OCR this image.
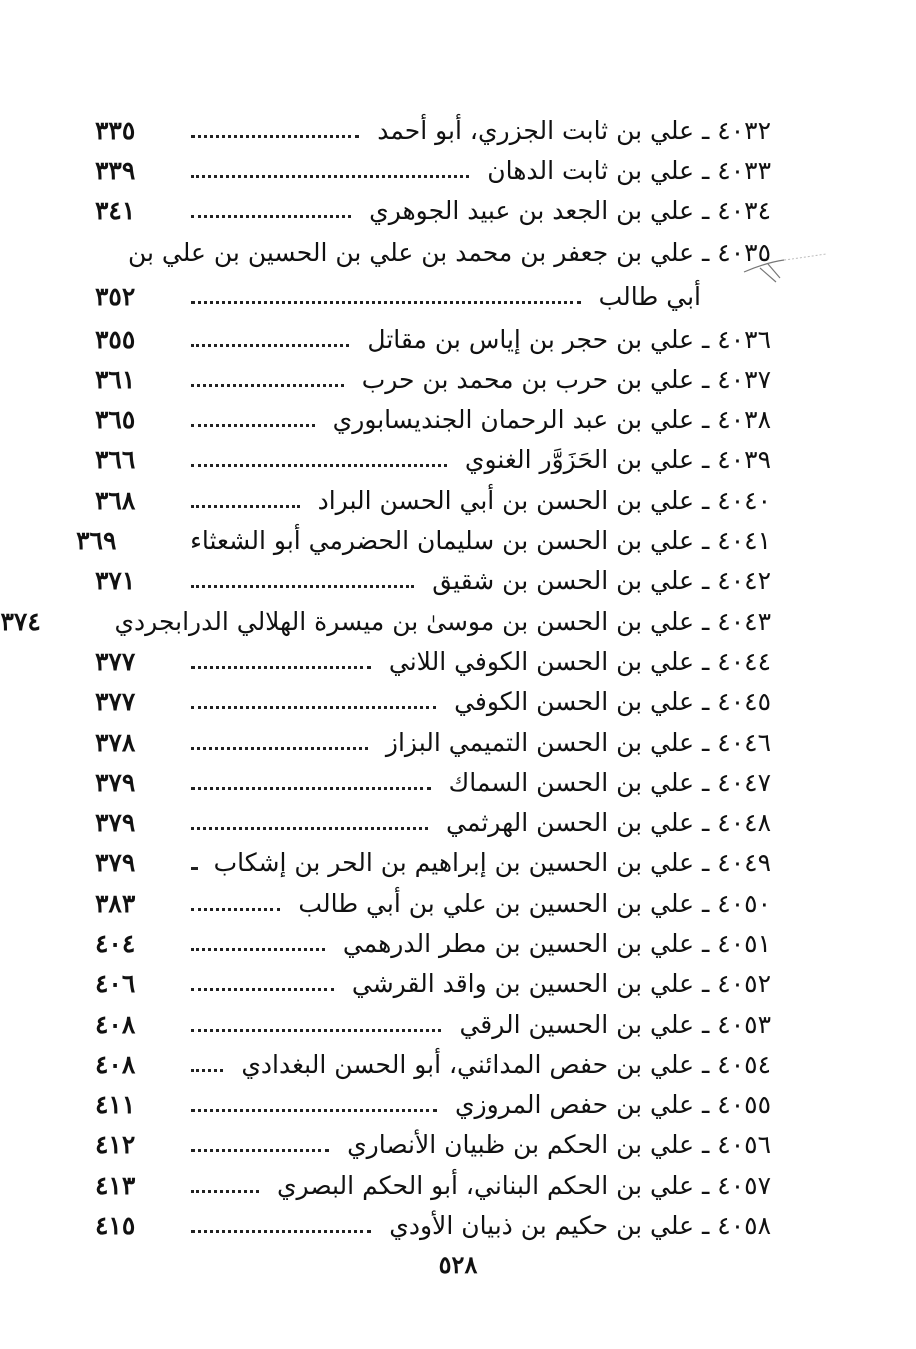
٤٠٣٢ ـ علي بن ثابت الجزري، أبو أحمد
٣٣٥
٤٠٣٣ ـ علي بن ثابت الدهان
٣٣٩
٤٠٣٤ ـ علي بن الجعد بن عبيد الجوهري
٣٤١
٤٠٣٥ ـ علي بن جعفر بن محمد بن علي بن الحسين بن علي بن
أبي طالب
٣٥٢
٤٠٣٦ ـ علي بن حجر بن إياس بن مقاتل
٣٥٥
٤٠٣٧ ـ علي بن حرب بن محمد بن حرب
٣٦١
٤٠٣٨ ـ علي بن عبد الرحمان الجنديسابوري
٣٦٥
٤٠٣٩ ـ علي بن الحَزَوَّر الغنوي
٣٦٦
٤٠٤٠ ـ علي بن الحسن بن أبي الحسن البراد
٣٦٨
٤٠٤١ ـ علي بن الحسن بن سليمان الحضرمي أبو الشعثاء
٣٦٩
٤٠٤٢ ـ علي بن الحسن بن شقيق
٣٧١
٤٠٤٣ ـ علي بن الحسن بن موسىٰ بن ميسرة الهلالي الدرابجردي
٣٧٤
٤٠٤٤ ـ علي بن الحسن الكوفي اللاني
٣٧٧
٤٠٤٥ ـ علي بن الحسن الكوفي
٣٧٧
٤٠٤٦ ـ علي بن الحسن التميمي البزاز
٣٧٨
٤٠٤٧ ـ علي بن الحسن السماك
٣٧٩
٤٠٤٨ ـ علي بن الحسن الهرثمي
٣٧٩
٤٠٤٩ ـ علي بن الحسين بن إبراهيم بن الحر بن إشكاب
٣٧٩
٤٠٥٠ ـ علي بن الحسين بن علي بن أبي طالب
٣٨٣
٤٠٥١ ـ علي بن الحسين بن مطر الدرهمي
٤٠٤
٤٠٥٢ ـ علي بن الحسين بن واقد القرشي
٤٠٦
٤٠٥٣ ـ علي بن الحسين الرقي
٤٠٨
٤٠٥٤ ـ علي بن حفص المدائني، أبو الحسن البغدادي
٤٠٨
٤٠٥٥ ـ علي بن حفص المروزي
٤١١
٤٠٥٦ ـ علي بن الحكم بن ظبيان الأنصاري
٤١٢
٤٠٥٧ ـ علي بن الحكم البناني، أبو الحكم البصري
٤١٣
٤٠٥٨ ـ علي بن حكيم بن ذبيان الأودي
٤١٥
٥٢٨
